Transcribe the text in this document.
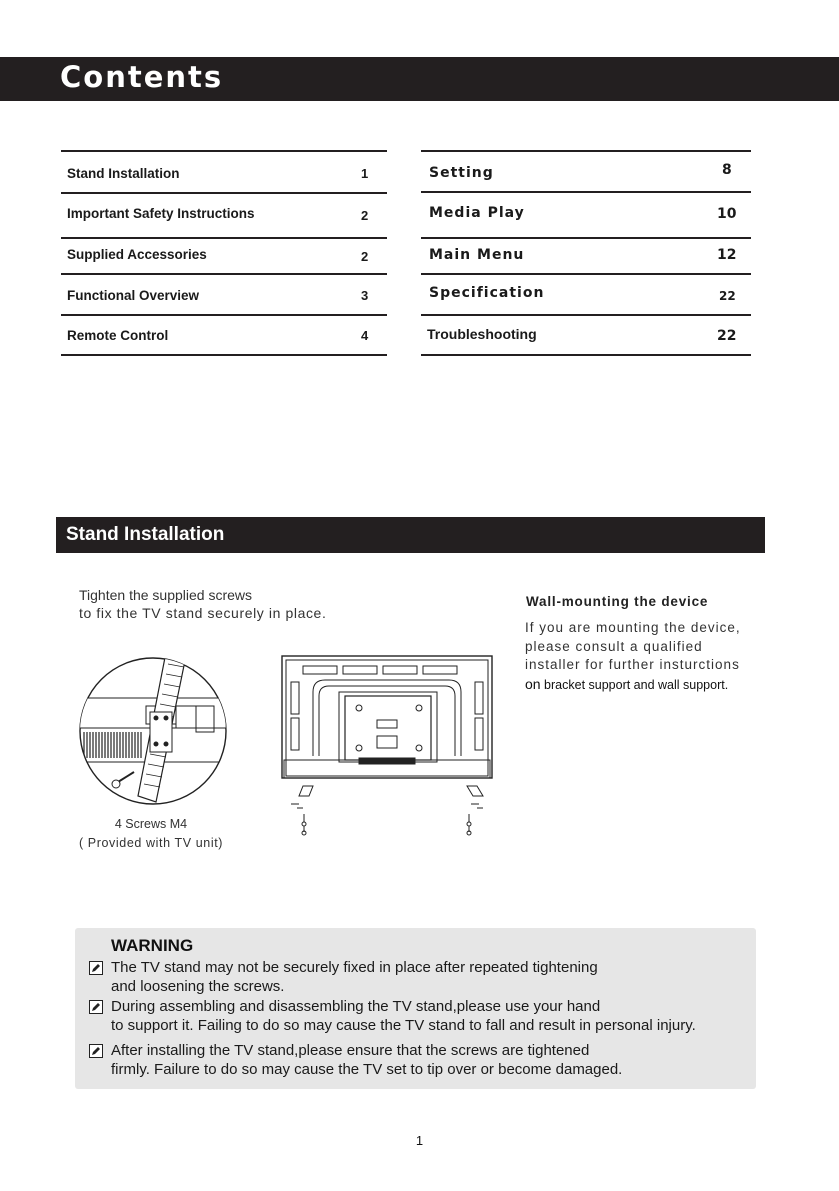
Contents
Stand Installation	1
Important Safety Instructions	2
Supplied Accessories	2
Functional Overview	3
Remote Control	4
Setting	8
Media Play	10
Main Menu	12
Specification	22
Troubleshooting	22
Stand Installation
Tighten the supplied screws
to fix the TV stand securely in place.
4 Screws M4
( Provided with TV unit)
Wall-mounting the device
If you are mounting the device,
please consult a qualified
installer for further insturctions
on bracket support and wall support.
WARNING
The TV stand may not be securely fixed in place after repeated tightening
and loosening the screws.
During assembling and disassembling the TV stand,please use your hand
to support it. Failing to do so may cause the TV stand to fall and result in personal injury.
After installing the TV stand,please ensure that the screws are tightened
firmly. Failure to do so may cause the TV set to tip over or become damaged.
1
